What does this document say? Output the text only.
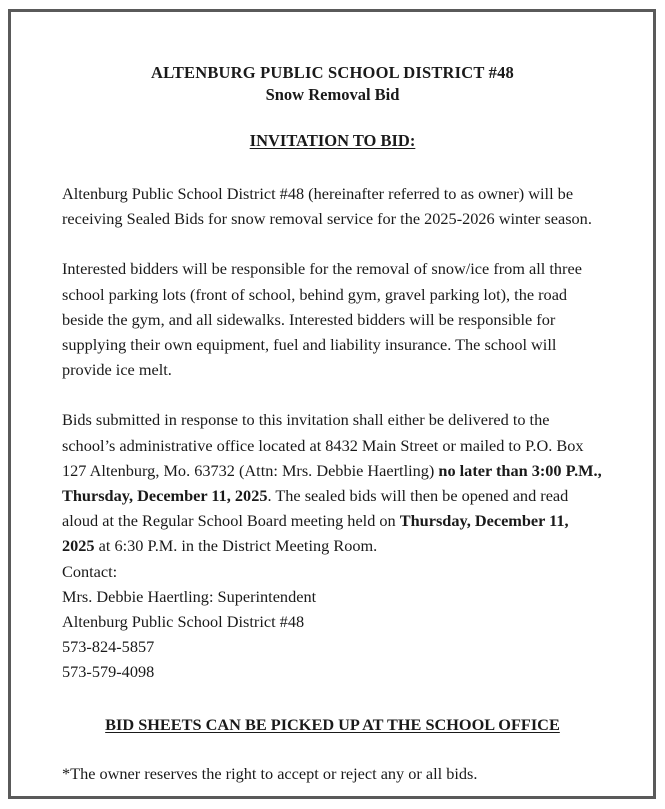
ALTENBURG PUBLIC SCHOOL DISTRICT #48
Snow Removal Bid
INVITATION TO BID:

Altenburg Public School District #48 (hereinafter referred to as owner) will be receiving Sealed Bids for snow removal service for the 2025-2026 winter season.

Interested bidders will be responsible for the removal of snow/ice from all three school parking lots (front of school, behind gym, gravel parking lot), the road beside the gym, and all sidewalks. Interested bidders will be responsible for supplying their own equipment, fuel and liability insurance. The school will provide ice melt.

Bids submitted in response to this invitation shall either be delivered to the school’s administrative office located at 8432 Main Street or mailed to P.O. Box 127 Altenburg, Mo. 63732 (Attn: Mrs. Debbie Haertling) no later than 3:00 P.M., Thursday, December 11, 2025. The sealed bids will then be opened and read aloud at the Regular School Board meeting held on Thursday, December 11, 2025 at 6:30 P.M. in the District Meeting Room.

Contact:
Mrs. Debbie Haertling: Superintendent
Altenburg Public School District #48
573-824-5857
573-579-4098
BID SHEETS CAN BE PICKED UP AT THE SCHOOL OFFICE
*The owner reserves the right to accept or reject any or all bids.
